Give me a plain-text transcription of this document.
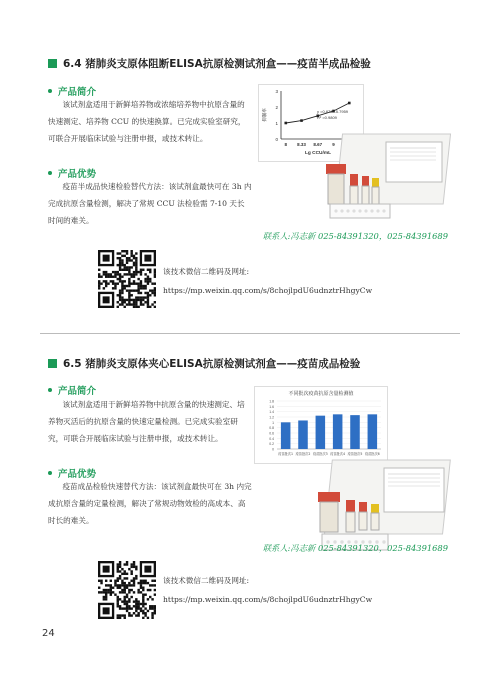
6.4 猪肺炎支原体阻断ELISA抗原检测试剂盒——疫苗半成品检验
产品简介
该试剂盒适用于新鲜培养物或浓缩培养物中抗原含量的快速测定、培养物 CCU 的快速换算。已完成实验室研究，可联合开展临床试验与注册申报，或技术转让。
产品优势
疫苗半成品快速检验替代方法：该试剂盒最快可在 3h 内完成抗原含量检测，解决了常规 CCU 法检验需 7-10 天长时间的难关。
0
1
2
3
8 8.33 8.67 9
Lg CCU/mL
抑制率	y =0.876x-5.7959
R² =0.9809
联系人:冯志新 025-84391320，025-84391689
该技术微信二维码及网址:
https://mp.weixin.qq.com/s/8chojlpdU6udnztrHhgyCw
6.5 猪肺炎支原体夹心ELISA抗原检测试剂盒——疫苗成品检验
产品简介
该试剂盒适用于新鲜培养物中抗原含量的快速测定、培养物灭活后的抗原含量的快速定量检测。已完成实验室研究，可联合开展临床试验与注册申报，或技术转让。
产品优势
疫苗成品检验快速替代方法：该试剂盒最快可在 3h 内完成抗原含量的定量检测，解决了常规动物效检的高成本、高时长的难关。
不同批次疫苗抗原含量检测值
0
0.2
0.4
0.6
0.8
1
1.2
1.4
1.6
1.8
疫苗批次1 疫苗批次2 疫苗批次3 疫苗批次4 疫苗批次5 疫苗批次6
联系人:冯志新 025-84391320，025-84391689
该技术微信二维码及网址:
https://mp.weixin.qq.com/s/8chojlpdU6udnztrHhgyCw
24
